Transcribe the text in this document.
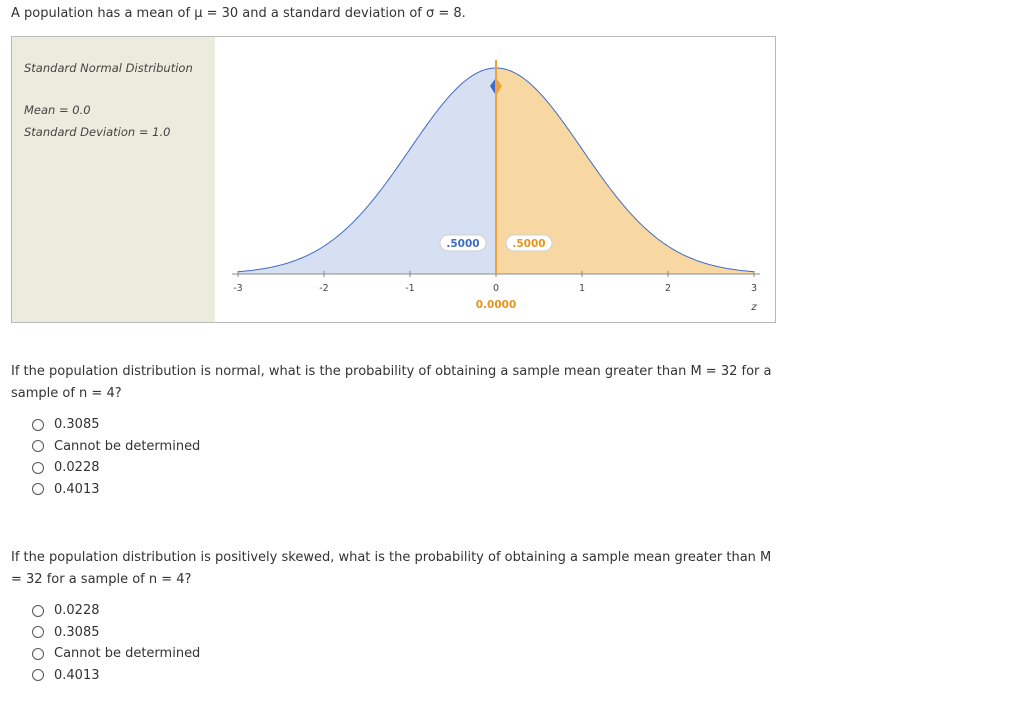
A population has a mean of μ = 30 and a standard deviation of σ = 8.
Standard Normal Distribution
Mean = 0.0
Standard Deviation = 1.0
-3	-2	-1	0	1	2	3
.5000	.5000
0.0000	z
If the population distribution is normal, what is the probability of obtaining a sample mean greater than M = 32 for a sample of n = 4?
0.3085
Cannot be determined
0.0228
0.4013
If the population distribution is positively skewed, what is the probability of obtaining a sample mean greater than M = 32 for a sample of n = 4?
0.0228
0.3085
Cannot be determined
0.4013
